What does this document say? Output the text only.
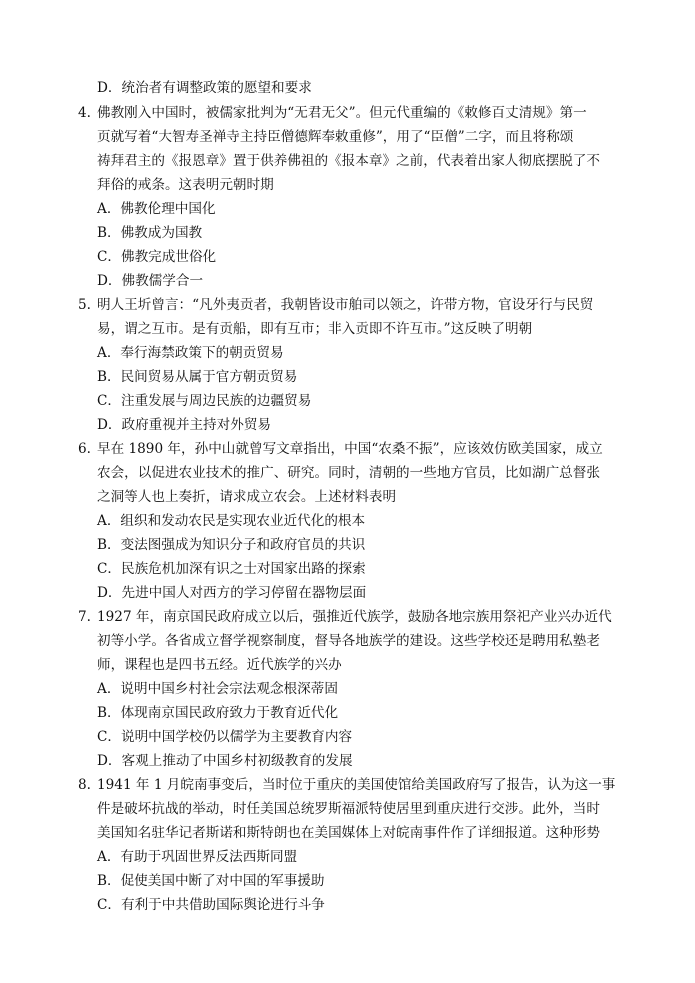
D．统治者有调整政策的愿望和要求
4. 佛教刚入中国时，被儒家批判为“无君无父”。但元代重编的《敕修百丈清规》第一
页就写着“大智寿圣禅寺主持臣僧德辉奉敕重修”，用了“臣僧”二字，而且将称颂
祷拜君主的《报恩章》置于供养佛祖的《报本章》之前，代表着出家人彻底摆脱了不
拜俗的戒条。这表明元朝时期
A．佛教伦理中国化
B．佛教成为国教
C．佛教完成世俗化
D．佛教儒学合一
5. 明人王圻曾言：“凡外夷贡者，我朝皆设市舶司以领之，许带方物，官设牙行与民贸
易，谓之互市。是有贡船，即有互市；非入贡即不许互市。”这反映了明朝
A．奉行海禁政策下的朝贡贸易
B．民间贸易从属于官方朝贡贸易
C．注重发展与周边民族的边疆贸易
D．政府重视并主持对外贸易
6. 早在 1890 年，孙中山就曾写文章指出，中国“农桑不振”，应该效仿欧美国家，成立
农会，以促进农业技术的推广、研究。同时，清朝的一些地方官员，比如湖广总督张
之洞等人也上奏折，请求成立农会。上述材料表明
A．组织和发动农民是实现农业近代化的根本
B．变法图强成为知识分子和政府官员的共识
C．民族危机加深有识之士对国家出路的探索
D．先进中国人对西方的学习停留在器物层面
7. 1927 年，南京国民政府成立以后，强推近代族学，鼓励各地宗族用祭祀产业兴办近代
初等小学。各省成立督学视察制度，督导各地族学的建设。这些学校还是聘用私塾老
师，课程也是四书五经。近代族学的兴办
A．说明中国乡村社会宗法观念根深蒂固
B．体现南京国民政府致力于教育近代化
C．说明中国学校仍以儒学为主要教育内容
D．客观上推动了中国乡村初级教育的发展
8. 1941 年 1 月皖南事变后，当时位于重庆的美国使馆给美国政府写了报告，认为这一事
件是破坏抗战的举动，时任美国总统罗斯福派特使居里到重庆进行交涉。此外，当时
美国知名驻华记者斯诺和斯特朗也在美国媒体上对皖南事件作了详细报道。这种形势
A．有助于巩固世界反法西斯同盟
B．促使美国中断了对中国的军事援助
C．有利于中共借助国际舆论进行斗争
